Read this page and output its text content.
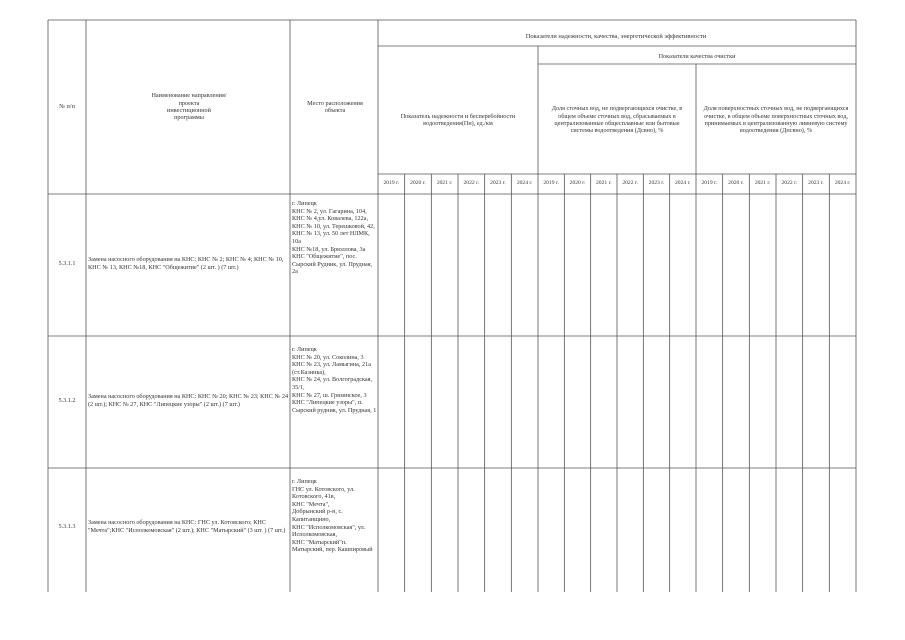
№ п/п
Наименование направления/
проекта
инвестиционной
программы
Место расположения
объекта
Показатели надежности, качества, энергетической эффективности
Показатель надежности и бесперебойности водоотведения(Пн), ед./км
Показатели качества очистки
Доля сточных вод, не подвергающихся очистке, в общем объеме сточных вод, сбрасываемых в централизованные общесплавные или бытовые системы водоотведения (Дсвно), %
Доля поверхностных сточных вод, не подвергающихся очистке, в общем объеме поверхностных сточных вод, принимаемых в централизованную ливневую систему водоотведения (Дпсвно), %
2019 г.	2020 г.	2021 г.	2022 г.	2023 г.	2024 г.	2019 г.	2020 г.	2021 г.	2022 г.	2023 г.	2024 г.	2019 г.	2020 г.	2021 г.	2022 г.	2023 г.	2024 г.
5.3.1.1
Замена насосного оборудования на КНС: КНС № 2; КНС № 4; КНС № 10, КНС № 13, КНС №18, КНС "Общежитие" (2 шт. ) (7 шт.)
г. Липецк
КНС № 2, ул. Гагарина, 104,
КНС № 4,ул. Ковалева, 122а,
КНС № 10, ул. Терешковой, 42,
КНС № 13, ул. 50 лет НЛМК, 10а
КНС №18, ул. Брюллова, 3а
КНС "Общежитие", пос. Сырский Рудник, ул. Прудная, 2а
5.3.1.2
Замена насосного оборудования на КНС: КНС № 20; КНС № 23; КНС № 24 (2 шт.); КНС № 27, КНС "Липецкие узоры" (2 шт.) (7 шт.)
г. Липецк
КНС № 20, ул. Соколина, 3
КНС № 23, ул. Ламыгина, 21а (ст.Казинка),
КНС № 24, ул. Волгоградская, 35/1,
КНС № 27, ш. Грязинское, 3
КНС "Липецкие узоры", п. Сырский рудник, ул. Прудная, 1
5.3.1.3
Замена насосного оборудования на КНС: ГНС ул. Котовского; КНС "Мечта";КНС "Исполкомовская" (2 шт.); КНС "Матырский" (3 шт. ) (7 шт.)
г. Липецк
ГНС ул. Котовского, ул. Котовского, 41в,
КНС "Мечта",
Добрынский р-н, с. Капитанщино,
КНС "Исполкомовская", ул. Исполкомовская,
КНС "Матырский"п. Матырский, пер. Кашпировый
